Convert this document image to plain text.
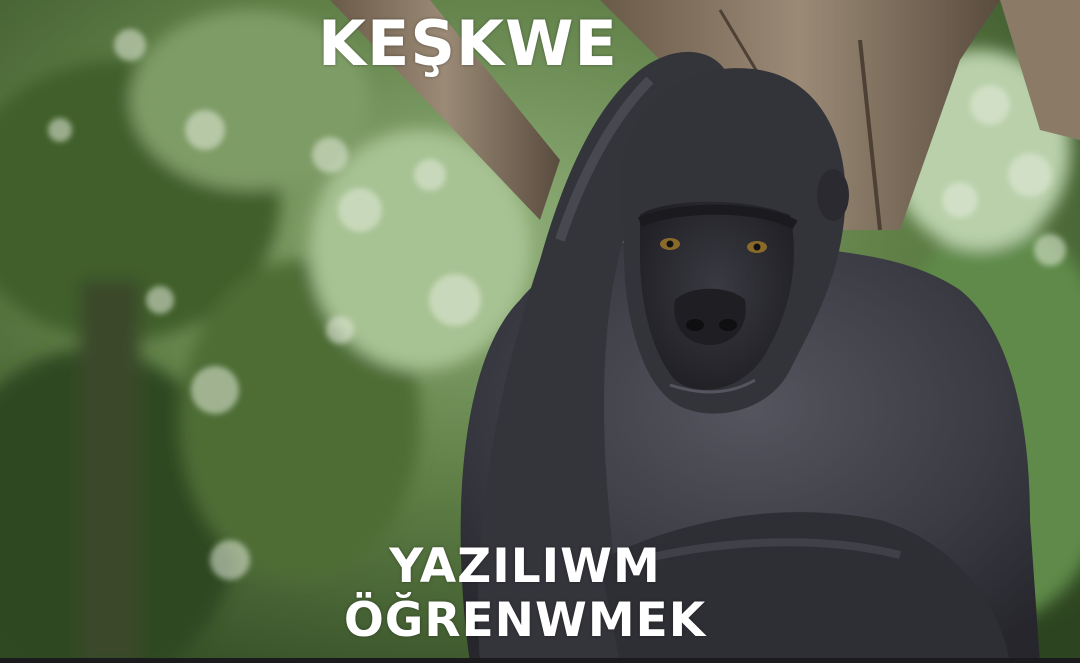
KEŞKWE
YAZILIWM
ÖĞRENWMEK
